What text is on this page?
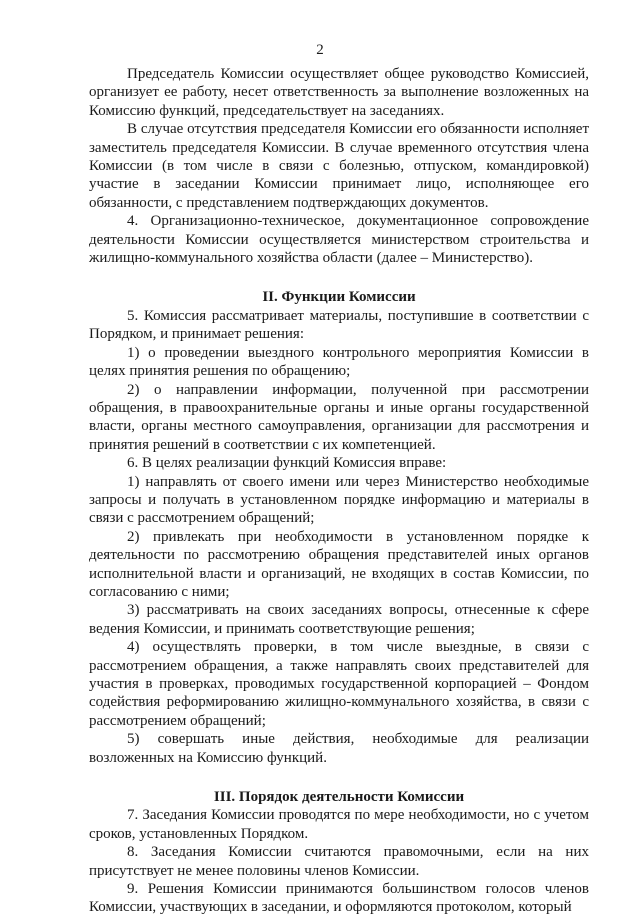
2

Председатель Комиссии осуществляет общее руководство Комиссией, организует ее работу, несет ответственность за выполнение возложенных на Комиссию функций, председательствует на заседаниях.

В случае отсутствия председателя Комиссии его обязанности исполняет заместитель председателя Комиссии. В случае временного отсутствия члена Комиссии (в том числе в связи с болезнью, отпуском, командировкой) участие в заседании Комиссии принимает лицо, исполняющее его обязанности, с представлением подтверждающих документов.

4. Организационно-техническое, документационное сопровождение деятельности Комиссии осуществляется министерством строительства и жилищно-коммунального хозяйства области (далее – Министерство).

II. Функции Комиссии

5. Комиссия рассматривает материалы, поступившие в соответствии с Порядком, и принимает решения:

1) о проведении выездного контрольного мероприятия Комиссии в целях принятия решения по обращению;

2) о направлении информации, полученной при рассмотрении обращения, в правоохранительные органы и иные органы государственной власти, органы местного самоуправления, организации для рассмотрения и принятия решений в соответствии с их компетенцией.

6. В целях реализации функций Комиссия вправе:

1) направлять от своего имени или через Министерство необходимые запросы и получать в установленном порядке информацию и материалы в связи с рассмотрением обращений;

2) привлекать при необходимости в установленном порядке к деятельности по рассмотрению обращения представителей иных органов исполнительной власти и организаций, не входящих в состав Комиссии, по согласованию с ними;

3) рассматривать на своих заседаниях вопросы, отнесенные к сфере ведения Комиссии, и принимать соответствующие решения;

4) осуществлять проверки, в том числе выездные, в связи с рассмотрением обращения, а также направлять своих представителей для участия в проверках, проводимых государственной корпорацией – Фондом содействия реформированию жилищно-коммунального хозяйства, в связи с рассмотрением обращений;

5) совершать иные действия, необходимые для реализации возложенных на Комиссию функций.

III. Порядок деятельности Комиссии

7. Заседания Комиссии проводятся по мере необходимости, но с учетом сроков, установленных Порядком.

8. Заседания Комиссии считаются правомочными, если на них присутствует не менее половины членов Комиссии.

9. Решения Комиссии принимаются большинством голосов членов Комиссии, участвующих в заседании, и оформляются протоколом, который
